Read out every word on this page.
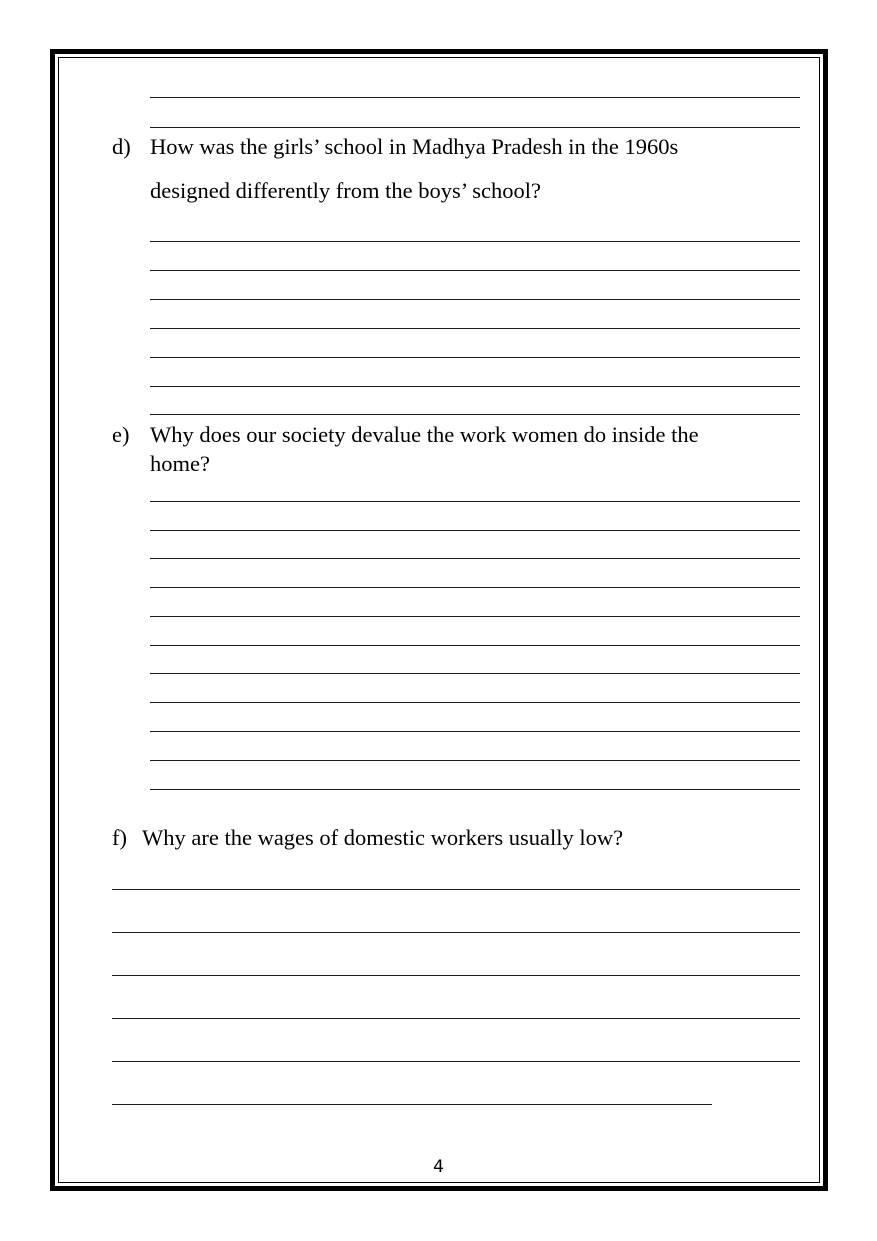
d) How was the girls’ school in Madhya Pradesh in the 1960s
designed differently from the boys’ school?
e) Why does our society devalue the work women do inside the
home?
f) Why are the wages of domestic workers usually low?
4
